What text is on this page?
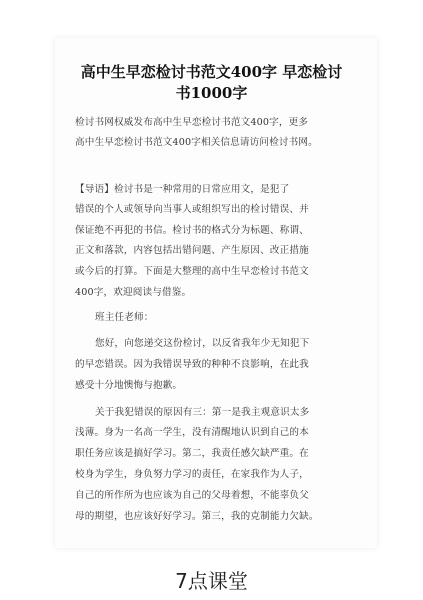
高中生早恋检讨书范文400字 早恋检讨
书1000字
检讨书网权威发布高中生早恋检讨书范文400字，更多
高中生早恋检讨书范文400字相关信息请访问检讨书网。
【导语】检讨书是一种常用的日常应用文，是犯了
错误的个人或领导向当事人或组织写出的检讨错误、并
保证绝不再犯的书信。检讨书的格式分为标题、称谓、
正文和落款，内容包括出错问题、产生原因、改正措施
或今后的打算。下面是大整理的高中生早恋检讨书范文
400字，欢迎阅读与借鉴。
班主任老师：
您好，向您递交这份检讨，以反省我年少无知犯下
的早恋错误。因为我错误导致的种种不良影响，在此我
感受十分地懊悔与抱歉。
关于我犯错误的原因有三：第一是我主观意识太多
浅薄。身为一名高一学生，没有清醒地认识到自己的本
职任务应该是搞好学习。第二，我责任感欠缺严重。在
校身为学生，身负努力学习的责任，在家我作为人子，
自己的所作所为也应该为自己的父母着想，不能辜负父
母的期望，也应该好好学习。第三，我的克制能力欠缺。
7点课堂
